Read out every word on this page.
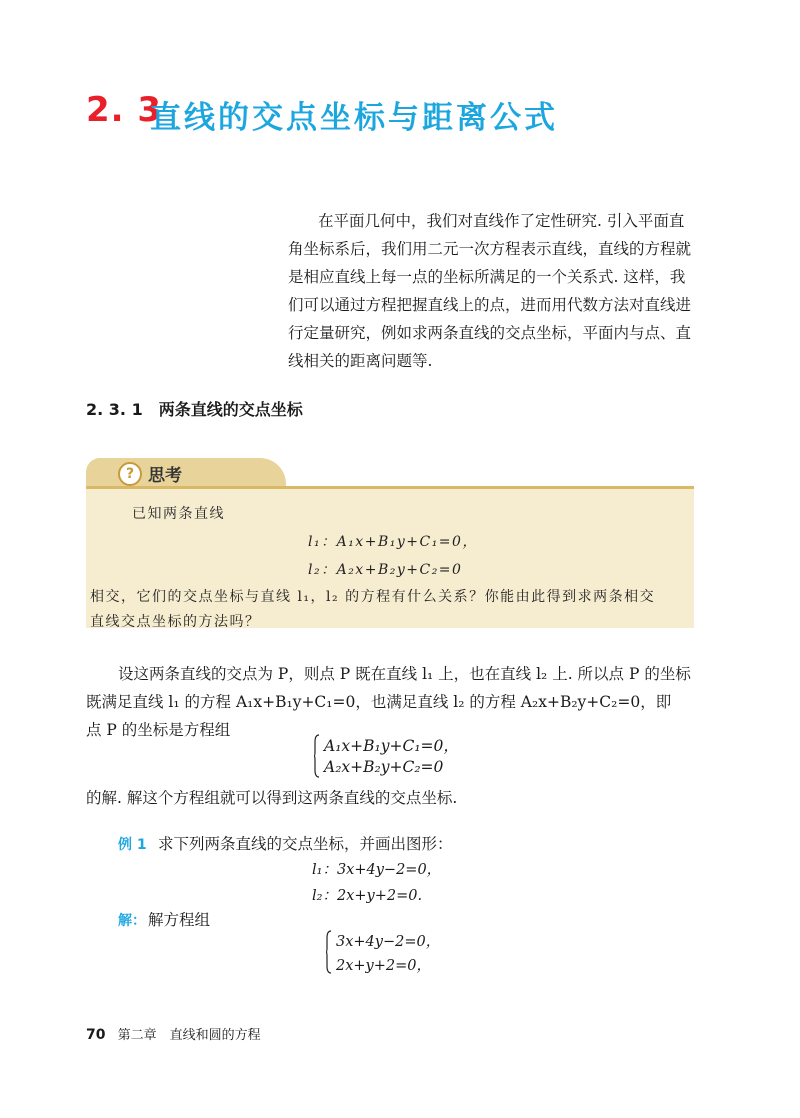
2. 3
直线的交点坐标与距离公式
在平面几何中，我们对直线作了定性研究. 引入平面直
角坐标系后，我们用二元一次方程表示直线，直线的方程就
是相应直线上每一点的坐标所满足的一个关系式. 这样，我
们可以通过方程把握直线上的点，进而用代数方法对直线进
行定量研究，例如求两条直线的交点坐标，平面内与点、直
线相关的距离问题等.
2. 3. 1　两条直线的交点坐标
? 思考
已知两条直线
l₁：A₁x+B₁y+C₁=0，
l₂：A₂x+B₂y+C₂=0
相交，它们的交点坐标与直线 l₁，l₂ 的方程有什么关系？你能由此得到求两条相交
直线交点坐标的方法吗？
设这两条直线的交点为 P，则点 P 既在直线 l₁ 上，也在直线 l₂ 上. 所以点 P 的坐标
既满足直线 l₁ 的方程 A₁x+B₁y+C₁=0，也满足直线 l₂ 的方程 A₂x+B₂y+C₂=0，即
点 P 的坐标是方程组
A₁x+B₁y+C₁=0，
A₂x+B₂y+C₂=0
的解. 解这个方程组就可以得到这两条直线的交点坐标.
例 1 求下列两条直线的交点坐标，并画出图形：
l₁：3x+4y−2=0，
l₂：2x+y+2=0.
解： 解方程组
3x+4y−2=0，
2x+y+2=0，
70 第二章　直线和圆的方程
